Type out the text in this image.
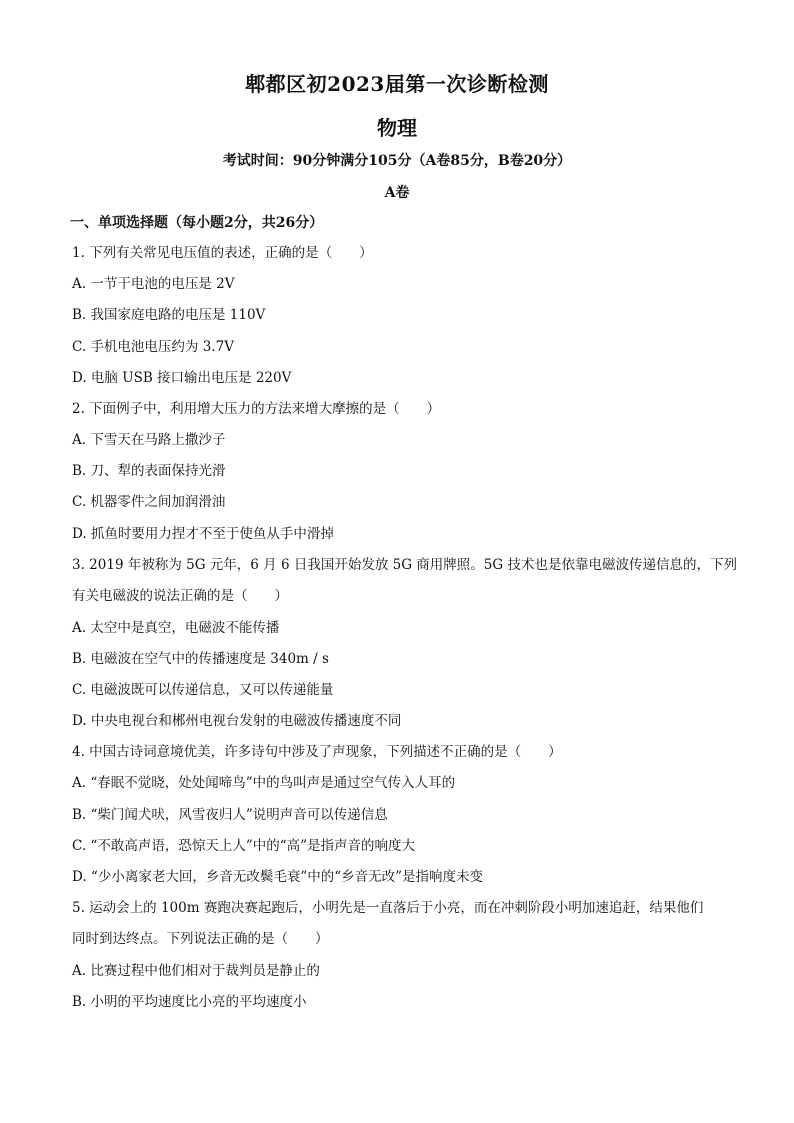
郫都区初2023届第一次诊断检测
物理
考试时间：90分钟满分105分（A卷85分，B卷20分）
A卷
一、单项选择题（每小题2分，共26分）
1. 下列有关常见电压值的表述，正确的是（　　）
A. 一节干电池的电压是 2V
B. 我国家庭电路的电压是 110V
C. 手机电池电压约为 3.7V
D. 电脑 USB 接口输出电压是 220V
2. 下面例子中，利用增大压力的方法来增大摩擦的是（　　）
A. 下雪天在马路上撒沙子
B. 刀、犁的表面保持光滑
C. 机器零件之间加润滑油
D. 抓鱼时要用力捏才不至于使鱼从手中滑掉
3. 2019 年被称为 5G 元年，6 月 6 日我国开始发放 5G 商用牌照。5G 技术也是依靠电磁波传递信息的，下列
有关电磁波的说法正确的是（　　）
A. 太空中是真空，电磁波不能传播
B. 电磁波在空气中的传播速度是 340m / s
C. 电磁波既可以传递信息，又可以传递能量
D. 中央电视台和郴州电视台发射的电磁波传播速度不同
4. 中国古诗词意境优美，许多诗句中涉及了声现象，下列描述不正确的是（　　）
A. “春眠不觉晓，处处闻啼鸟”中的鸟叫声是通过空气传入人耳的
B. “柴门闻犬吠，风雪夜归人”说明声音可以传递信息
C. “不敢高声语，恐惊天上人”中的“高”是指声音的响度大
D. “少小离家老大回，乡音无改鬓毛衰”中的“乡音无改”是指响度未变
5. 运动会上的 100m 赛跑决赛起跑后，小明先是一直落后于小亮，而在冲刺阶段小明加速追赶，结果他们
同时到达终点。下列说法正确的是（　　）
A. 比赛过程中他们相对于裁判员是静止的
B. 小明的平均速度比小亮的平均速度小
